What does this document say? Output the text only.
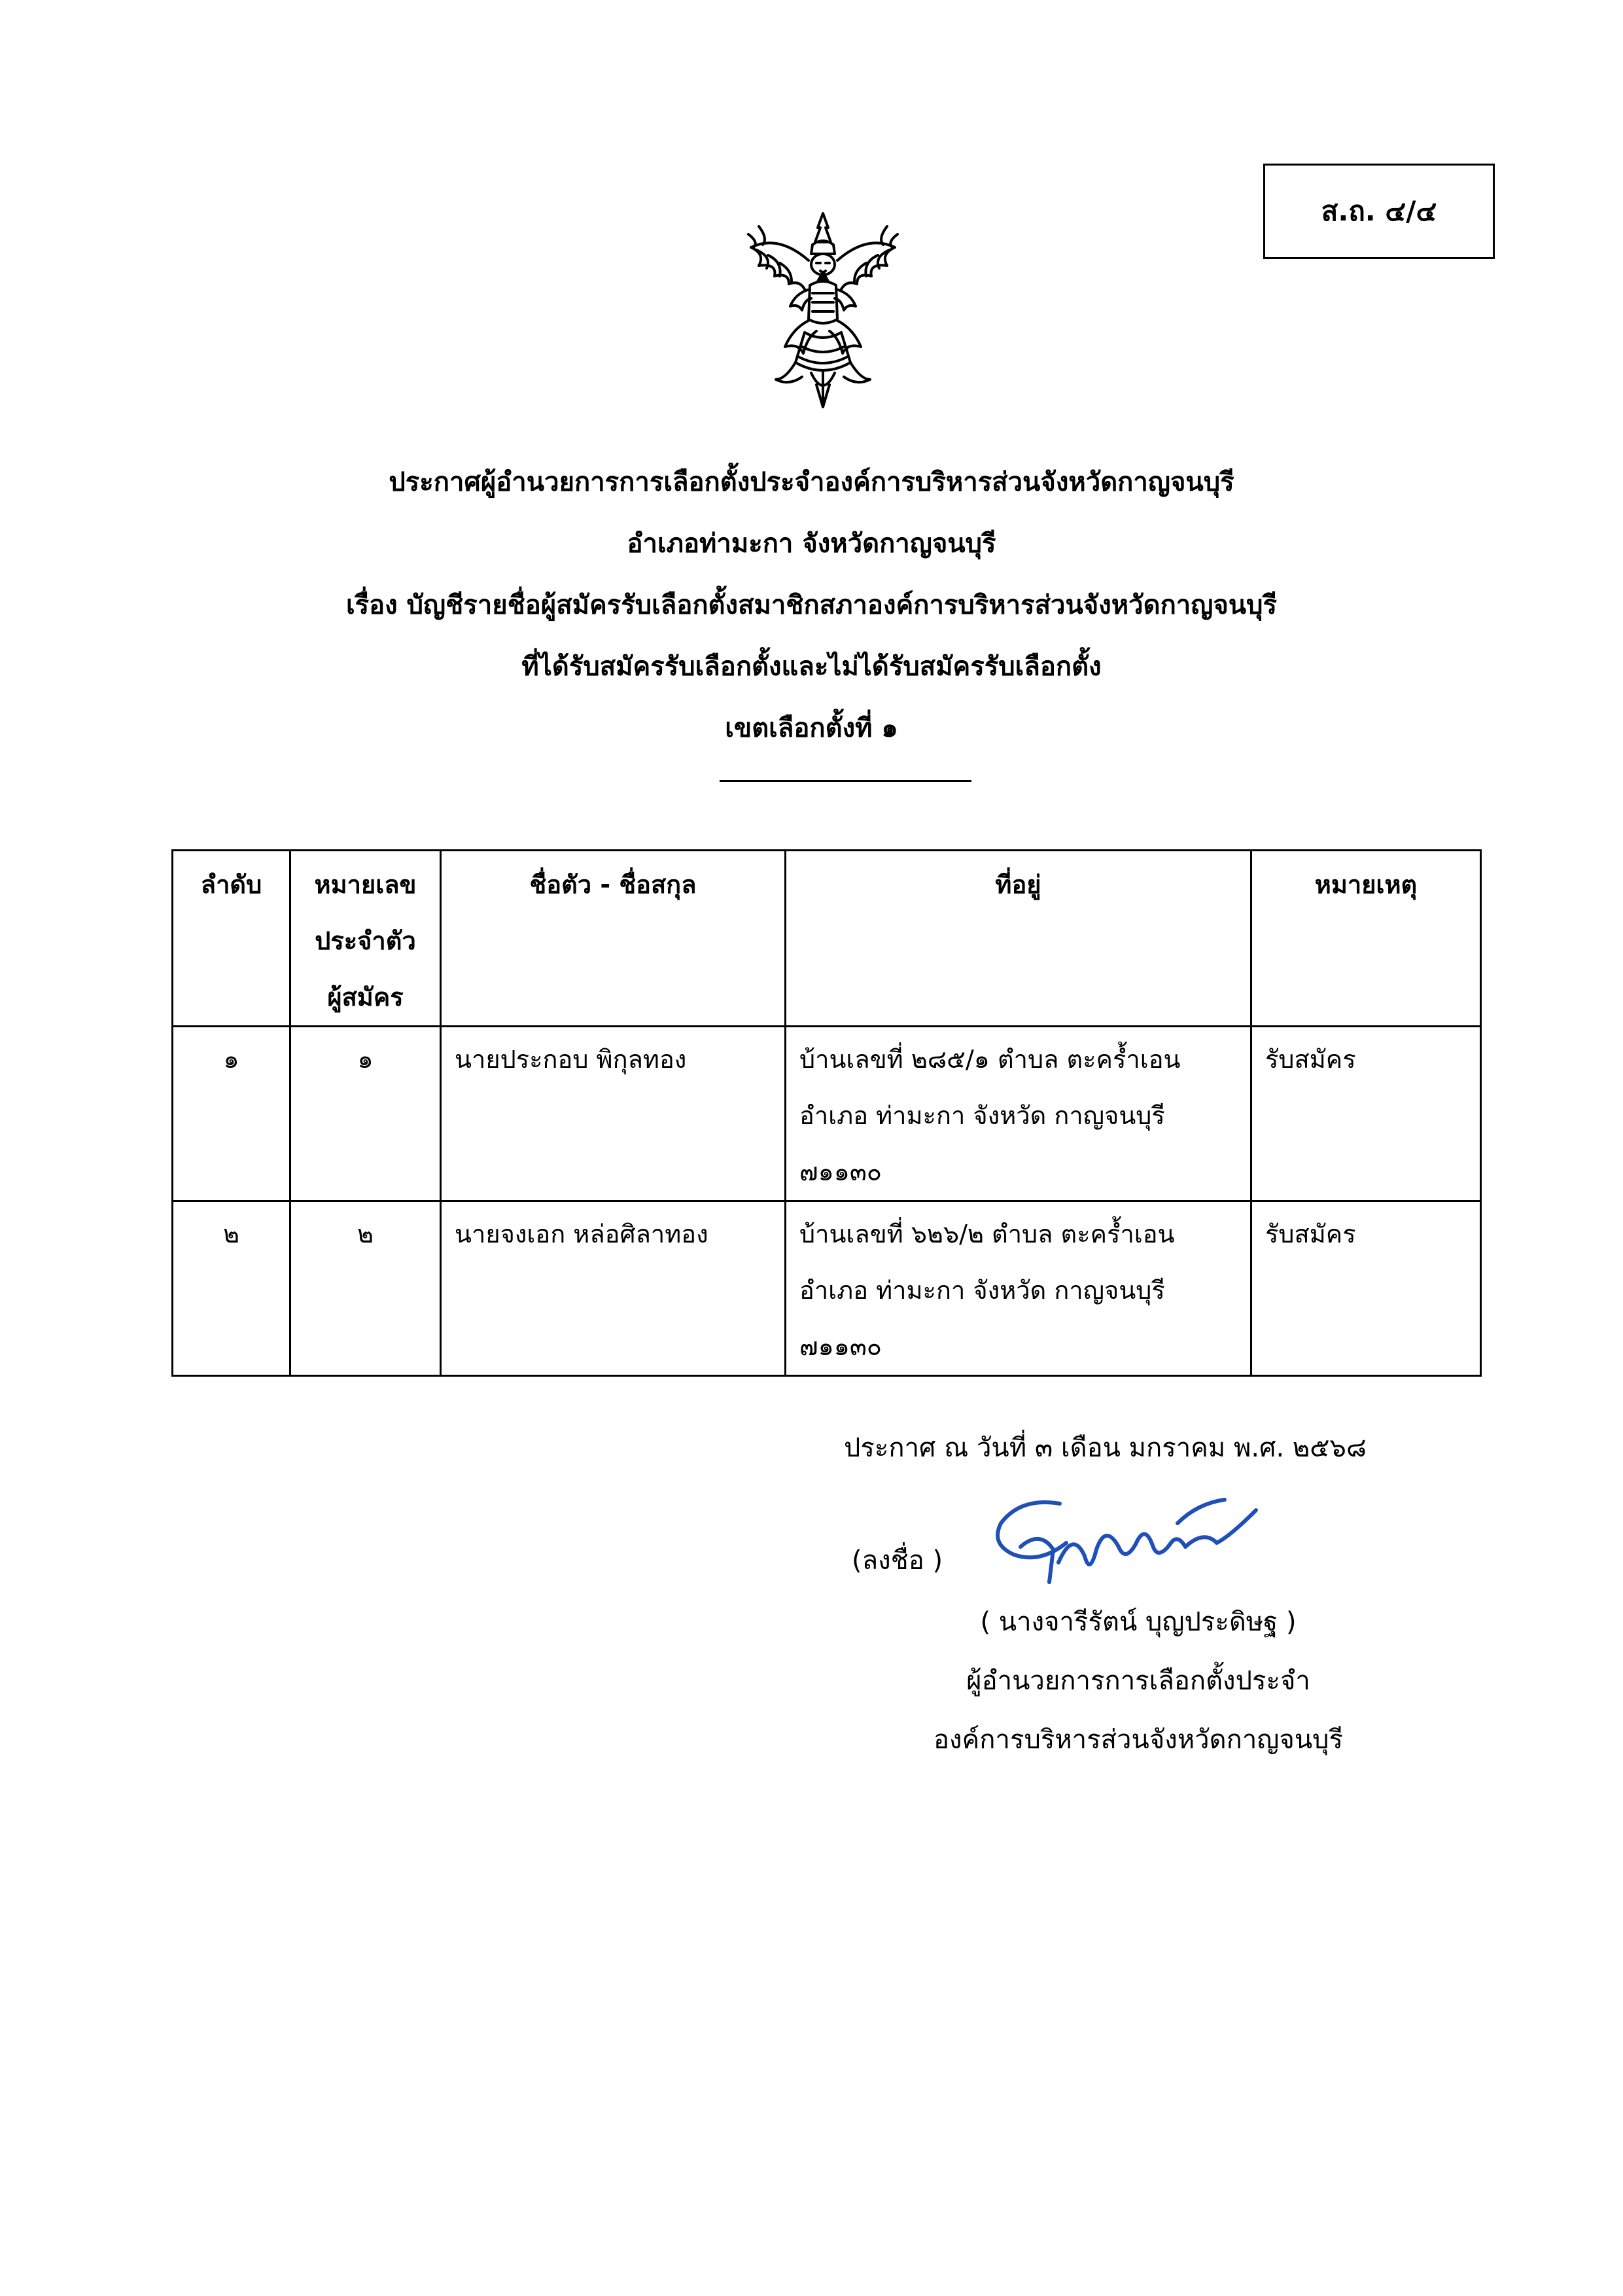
ส.ถ. ๔/๔
ประกาศผู้อำนวยการการเลือกตั้งประจำองค์การบริหารส่วนจังหวัดกาญจนบุรี
อำเภอท่ามะกา จังหวัดกาญจนบุรี
เรื่อง บัญชีรายชื่อผู้สมัครรับเลือกตั้งสมาชิกสภาองค์การบริหารส่วนจังหวัดกาญจนบุรี
ที่ได้รับสมัครรับเลือกตั้งและไม่ได้รับสมัครรับเลือกตั้ง
เขตเลือกตั้งที่ ๑
ลำดับ	หมายเลข
ประจำตัว
ผู้สมัคร	ชื่อตัว - ชื่อสกุล	ที่อยู่	หมายเหตุ
๑	๑	นายประกอบ พิกุลทอง	บ้านเลขที่ ๒๘๕/๑ ตำบล ตะคร้ำเอน
อำเภอ ท่ามะกา จังหวัด กาญจนบุรี
๗๑๑๓๐	รับสมัคร
๒	๒	นายจงเอก หล่อศิลาทอง	บ้านเลขที่ ๖๒๖/๒ ตำบล ตะคร้ำเอน
อำเภอ ท่ามะกา จังหวัด กาญจนบุรี
๗๑๑๓๐	รับสมัคร
ประกาศ ณ วันที่ ๓ เดือน มกราคม พ.ศ. ๒๕๖๘
(ลงชื่อ )
( นางจารีรัตน์ บุญประดิษฐ )
ผู้อำนวยการการเลือกตั้งประจำ
องค์การบริหารส่วนจังหวัดกาญจนบุรี
